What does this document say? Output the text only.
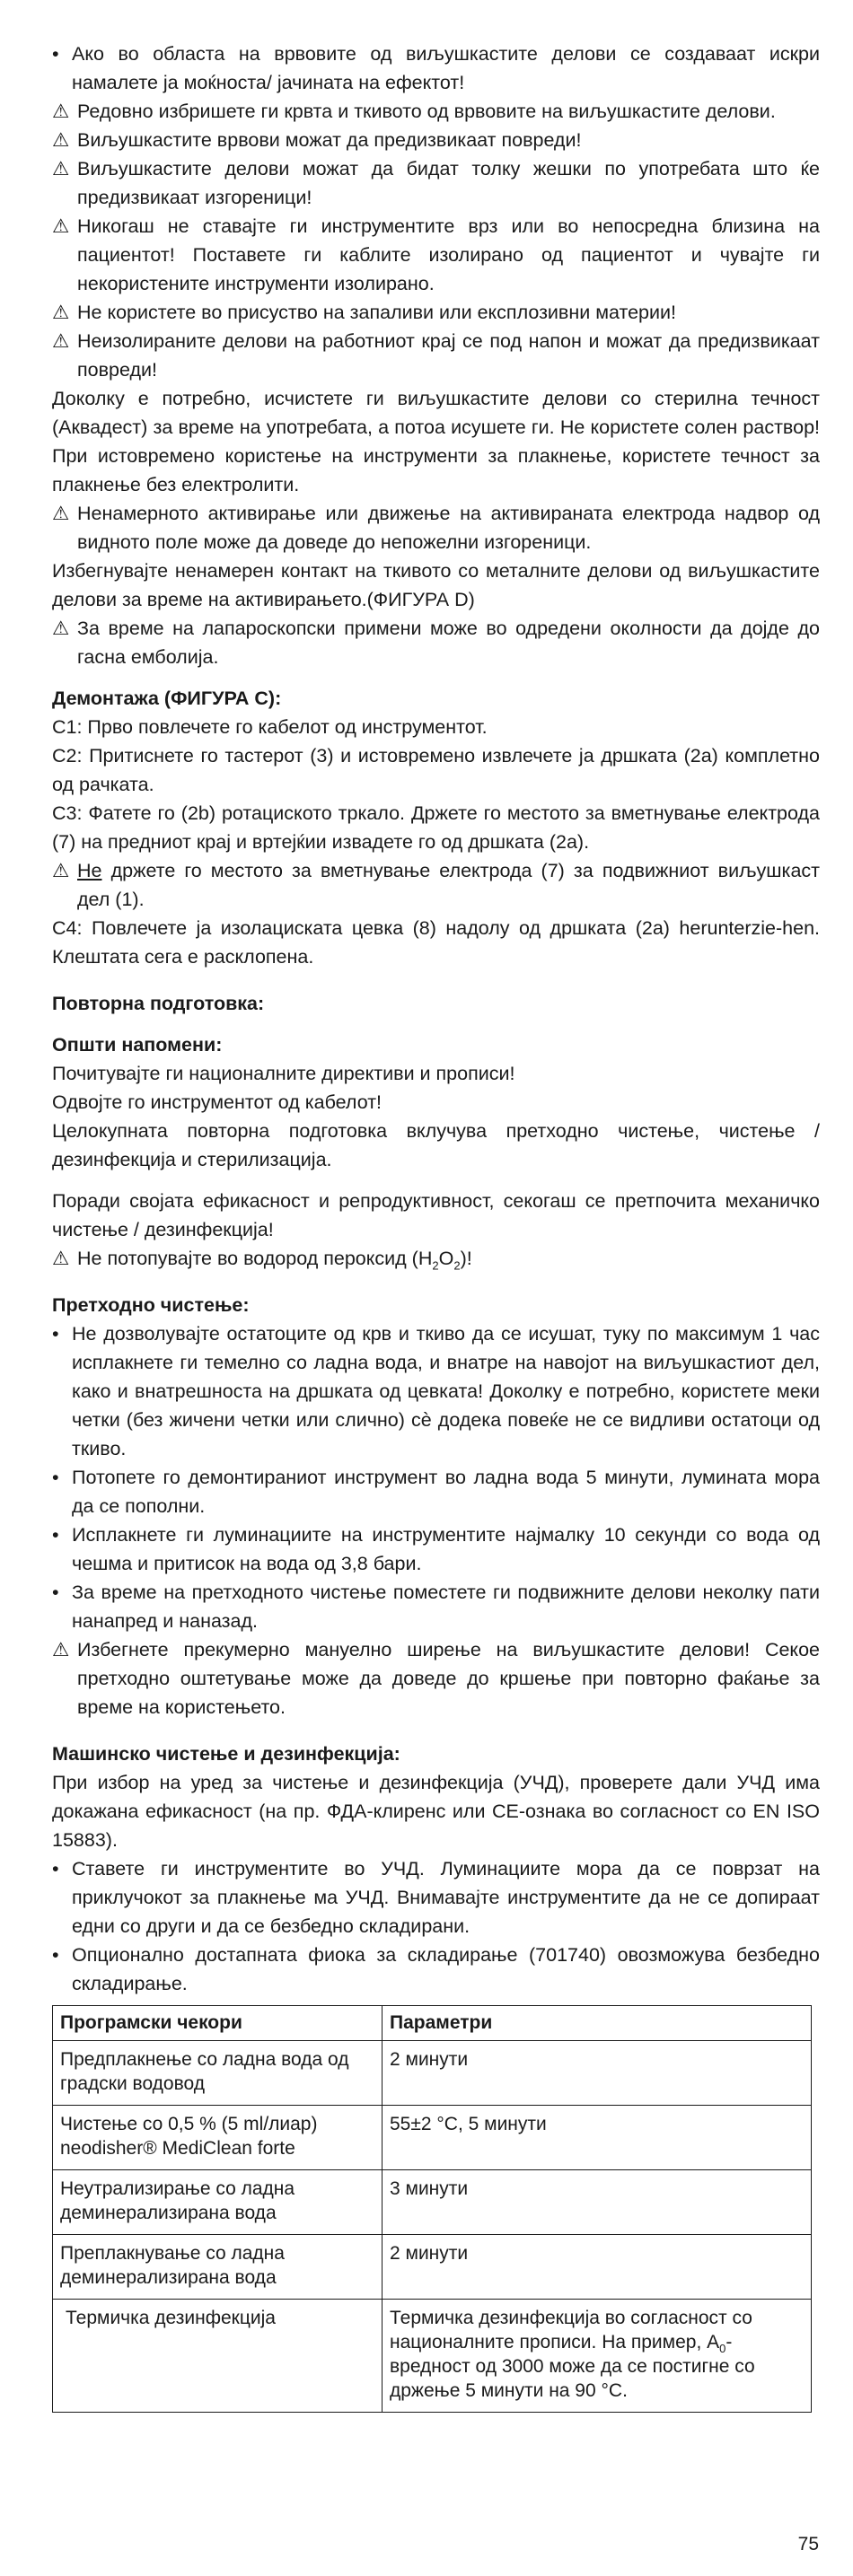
• Ако во областа на врвовите од виљушкастите делови се создаваат искри намалете ја моќноста/ јачината на ефектот!
⚠ Редовно избришете ги крвта и ткивото од врвовите на виљушкастите делови.
⚠ Виљушкастите врвови можат да предизвикаат повреди!
⚠ Виљушкастите делови можат да бидат толку жешки по употребата што ќе предизвикаат изгореници!
⚠ Никогаш не ставајте ги инструментите врз или во непосредна близина на пациентот! Поставете ги каблите изолирано од пациентот и чувајте ги некористените инструменти изолирано.
⚠ Не користете во присуство на запаливи или експлозивни материи!
⚠ Неизолираните делови на работниот крај се под напон и можат да предизвикаат повреди!

Доколку е потребно, исчистете ги виљушкастите делови со стерилна течност (Аквадест) за време на употребата, а потоа исушете ги. Не користете солен раствор! При истовремено користење на инструменти за плакнење, користете течност за плакнење без електролити.

⚠ Ненамерното активирање или движење на активираната електрода надвор од видното поле може да доведе до непожелни изгореници.

Избегнувајте ненамерен контакт на ткивото со металните делови од виљушкастите делови за време на активирањето.(ФИГУРА D)

⚠ За време на лапароскопски примени може во одредени околности да дојде до гасна емболија.
Демонтажа (ФИГУРА C):

C1: Прво повлечете го кабелот од инструментот.

C2: Притиснете го тастерот (3) и истовремено извлечете ја дршката (2a) комплетно од рачката.

C3: Фатете го (2b) ротациското тркало. Држете го местото за вметнување електрода (7) на предниот крај и вртејќии извадете го од дршката (2a).

⚠ Не држете го местото за вметнување електрода (7) за подвижниот виљушкаст дел (1).

C4: Повлечете ја изолациската цевка (8) надолу од дршката (2a) herunterzie-hen. Клештата сега е расклопена.

Повторна подготовка:
Општи напомени:

Почитувајте ги националните директиви и прописи!

Одвојте го инструментот од кабелот!

Целокупната повторна подготовка вклучува претходно чистење, чистење / дезинфекција и стерилизација.

Поради својата ефикасност и репродуктивност, секогаш се претпочита механичко чистење / дезинфекција!

⚠ Не потопувајте во водород пероксид $(H_2O_2)$!
Претходно чистење:
• Не дозволувајте остатоците од крв и ткиво да се исушат, туку по максимум 1 час исплакнете ги темелно со ладна вода, и внатре на навојот на виљушкастиот дел, како и внатрешноста на дршката од цевката! Доколку е потребно, користете меки четки (без жичени четки или слично) сѐ додека повеќе не се видливи остатоци од ткиво.
• Потопете го демонтираниот инструмент во ладна вода 5 минути, лумината мора да се пополни.
• Исплакнете ги луминациите на инструментите најмалку 10 секунди со вода од чешма и притисок на вода од 3,8 бари.
• За време на претходното чистење поместете ги подвижните делови неколку пати нанапред и наназад.
⚠ Избегнете прекумерно мануелно ширење на виљушкастите делови! Секое претходно оштетување може да доведе до кршење при повторно фаќање за време на користењето.
Машинско чистење и дезинфекција:

При избор на уред за чистење и дезинфекција (УЧД), проверете дали УЧД има докажана ефикасност (на пр. ФДА-клиренс или CE-ознака во согласност со EN ISO 15883).

• Ставете ги инструментите во УЧД. Луминациите мора да се поврзат на приклучокот за плакнење ма УЧД. Внимавајте инструментите да не се допираат едни со други и да се безбедно складирани.
• Опционално достапната фиока за складирање (701740) овозможува безбедно складирање.
Програмски чекори	Параметри
Предплакнење со ладна вода од градски водовод	2 минути
Чистење со 0,5 % (5 ml/лиар) neodisher® MediClean forte	55±2 °C, 5 минути
Неутрализирање со ладна деминерализирана вода	3 минути
Преплакнување со ладна деминерализирана вода	2 минути
Термичка дезинфекција	Термичка дезинфекција во согласност со националните прописи. На пример, $A_0$-вредност од 3000 може да се постигне со држење 5 минути на 90 °C.
75
